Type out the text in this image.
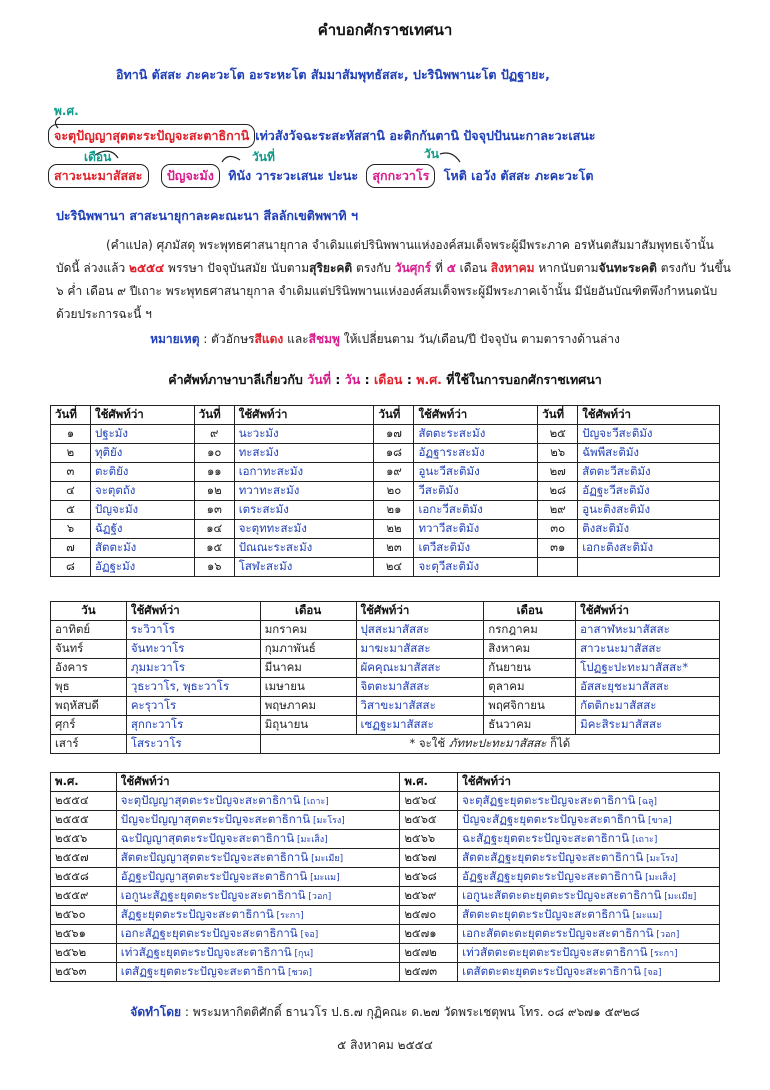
คำบอกศักราชเทศนา
อิทานิ ตัสสะ ภะคะวะโต อะระหะโต สัมมาสัมพุทธัสสะ, ปะรินิพพานะโต ปัฏฐายะ,
พ.ศ.
จะตุปัญญาสุตตะระปัญจะสะตาธิกานิ เท่วสังวัจฉะระสะหัสสานิ อะติกกันตานิ ปัจจุปปันนะกาละวะเสนะ
เดือน	วันที่	วัน
สาวะนะมาสัสสะ ปัญจะมัง ทินัง วาระวะเสนะ ปะนะ สุกกะวาโร โหติ เอวัง ตัสสะ ภะคะวะโต
ปะรินิพพานา สาสะนายุกาละคะณะนา สีลลักเขติพพาทิ ฯ
(คำแปล) ศุภมัสดุ พระพุทธศาสนายุกาล จำเดิมแต่ปรินิพพานแห่งองค์สมเด็จพระผู้มีพระภาค อรหันตสัมมาสัมพุทธเจ้านั้น บัดนี้ ล่วงแล้ว ๒๕๕๔ พรรษา ปัจจุบันสมัย นับตามสุริยะคติ ตรงกับ วันศุกร์ ที่ ๕ เดือน สิงหาคม หากนับตามจันทะระคติ ตรงกับ วันขึ้น ๖ ค่ำ เดือน ๙ ปีเถาะ พระพุทธศาสนายุกาล จำเดิมแต่ปรินิพพานแห่งองค์สมเด็จพระผู้มีพระภาคเจ้านั้น มีนัยอันบัณฑิตพึงกำหนดนับ ด้วยประการฉะนี้ ฯ
หมายเหตุ : ตัวอักษรสีแดง และสีชมพู ให้เปลี่ยนตาม วัน/เดือน/ปี ปัจจุบัน ตามตารางด้านล่าง
คำศัพท์ภาษาบาลีเกี่ยวกับ วันที่ : วัน : เดือน : พ.ศ. ที่ใช้ในการบอกศักราชเทศนา
วันที่	ใช้ศัพท์ว่า	วันที่	ใช้ศัพท์ว่า	วันที่	ใช้ศัพท์ว่า	วันที่	ใช้ศัพท์ว่า
๑	ปฐะมัง	๙	นะวะมัง	๑๗	สัตตะระสะมัง	๒๕	ปัญจะวีสะติมัง
๒	ทุติยัง	๑๐	ทะสะมัง	๑๘	อัฏฐาระสะมัง	๒๖	ฉัพพีสะติมัง
๓	ตะติยัง	๑๑	เอกาทะสะมัง	๑๙	อูนะวีสะติมัง	๒๗	สัตตะวีสะติมัง
๔	จะตุตถัง	๑๒	ทวาทะสะมัง	๒๐	วีสะติมัง	๒๘	อัฏฐะวีสะติมัง
๕	ปัญจะมัง	๑๓	เตระสะมัง	๒๑	เอกะวีสะติมัง	๒๙	อูนะติงสะติมัง
๖	ฉัฏฐัง	๑๔	จะตุททะสะมัง	๒๒	ทวาวีสะติมัง	๓๐	ติงสะติมัง
๗	สัตตะมัง	๑๕	ปัณณะระสะมัง	๒๓	เตวีสะติมัง	๓๑	เอกะติงสะติมัง
๘	อัฏฐะมัง	๑๖	โสฬะสะมัง	๒๔	จะตุวีสะติมัง		
วัน	ใช้ศัพท์ว่า	เดือน	ใช้ศัพท์ว่า	เดือน	ใช้ศัพท์ว่า
อาทิตย์	ระวิวาโร	มกราคม	ปุสสะมาสัสสะ	กรกฎาคม	อาสาฬหะมาสัสสะ
จันทร์	จันทะวาโร	กุมภาพันธ์	มาฆะมาสัสสะ	สิงหาคม	สาวะนะมาสัสสะ
อังคาร	ภุมมะวาโร	มีนาคม	ผัคคุณะมาสัสสะ	กันยายน	โปฏฐะปะทะมาสัสสะ*
พุธ	วุธะวาโร, พุธะวาโร	เมษายน	จิตตะมาสัสสะ	ตุลาคม	อัสสะยุชะมาสัสสะ
พฤหัสบดี	คะรุวาโร	พฤษภาคม	วิสาขะมาสัสสะ	พฤศจิกายน	กัตติกะมาสัสสะ
ศุกร์	สุกกะวาโร	มิถุนายน	เชฏฐะมาสัสสะ	ธันวาคม	มิคะสิระมาสัสสะ
เสาร์	โสระวาโร	* จะใช้ ภัททะปะทะมาสัสสะ ก็ได้			
พ.ศ.	ใช้ศัพท์ว่า	พ.ศ.	ใช้ศัพท์ว่า
๒๕๕๔	จะตุปัญญาสุตตะระปัญจะสะตาธิกานิ [เถาะ]	๒๕๖๔	จะตุสัฏฐะยุตตะระปัญจะสะตาธิกานิ [ฉลู]
๒๕๕๕	ปัญจะปัญญาสุตตะระปัญจะสะตาธิกานิ [มะโรง]	๒๕๖๕	ปัญจะสัฏฐะยุตตะระปัญจะสะตาธิกานิ [ขาล]
๒๕๕๖	ฉะปัญญาสุตตะระปัญจะสะตาธิกานิ [มะเส็ง]	๒๕๖๖	ฉะสัฏฐะยุตตะระปัญจะสะตาธิกานิ [เถาะ]
๒๕๕๗	สัตตะปัญญาสุตตะระปัญจะสะตาธิกานิ [มะเมีย]	๒๕๖๗	สัตตะสัฏฐะยุตตะระปัญจะสะตาธิกานิ [มะโรง]
๒๕๕๘	อัฏฐะปัญญาสุตตะระปัญจะสะตาธิกานิ [มะแม]	๒๕๖๘	อัฏฐะสัฏฐะยุตตะระปัญจะสะตาธิกานิ [มะเส็ง]
๒๕๕๙	เอกูนะสัฏฐะยุตตะระปัญจะสะตาธิกานิ [วอก]	๒๕๖๙	เอกูนะสัตตะตะยุตตะระปัญจะสะตาธิกานิ [มะเมีย]
๒๕๖๐	สัฏฐะยุตตะระปัญจะสะตาธิกานิ [ระกา]	๒๕๗๐	สัตตะตะยุตตะระปัญจะสะตาธิกานิ [มะแม]
๒๕๖๑	เอกะสัฏฐะยุตตะระปัญจะสะตาธิกานิ [จอ]	๒๕๗๑	เอกะสัตตะตะยุตตะระปัญจะสะตาธิกานิ [วอก]
๒๕๖๒	เท่วสัฏฐะยุตตะระปัญจะสะตาธิกานิ [กุน]	๒๕๗๒	เท่วสัตตะตะยุตตะระปัญจะสะตาธิกานิ [ระกา]
๒๕๖๓	เตสัฏฐะยุตตะระปัญจะสะตาธิกานิ [ชวด]	๒๕๗๓	เตสัตตะตะยุตตะระปัญจะสะตาธิกานิ [จอ]
จัดทำโดย : พระมหากิตติศักดิ์ ธานวโร ป.ธ.๗ กุฏิคณะ ด.๒๗ วัดพระเชตุพน โทร. ๐๘ ๙๖๗๑ ๕๙๒๘
๕ สิงหาคม ๒๕๕๔
